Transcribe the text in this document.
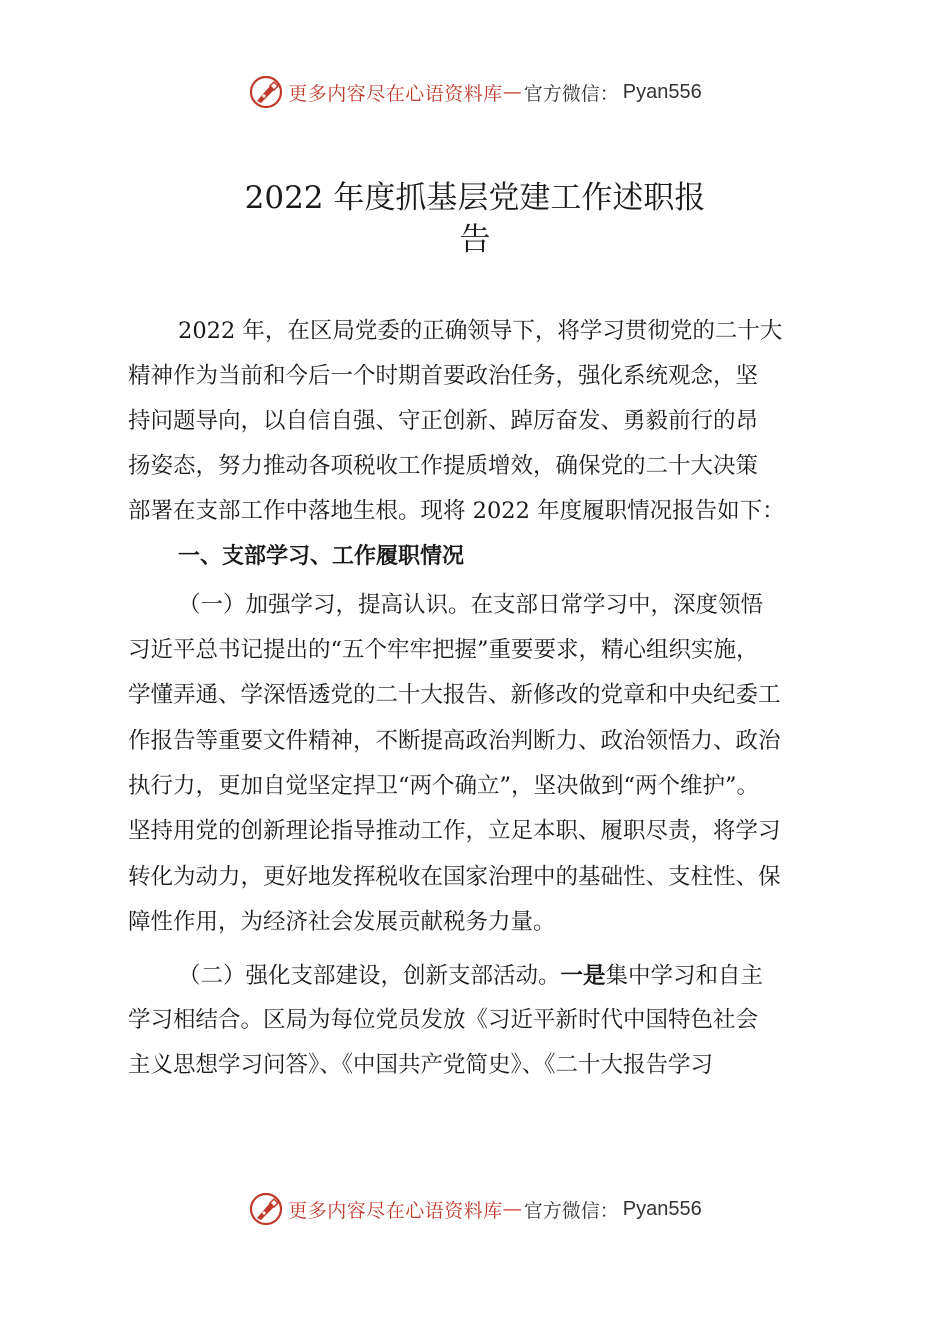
更多内容尽在心语资料库 — 官方微信： Pyan556
2022 年度抓基层党建工作述职报
告
2022 年，在区局党委的正确领导下，将学习贯彻党的二十大
精神作为当前和今后一个时期首要政治任务，强化系统观念，坚
持问题导向，以自信自强、守正创新、踔厉奋发、勇毅前行的昂
扬姿态，努力推动各项税收工作提质增效，确保党的二十大决策
部署在支部工作中落地生根。现将 2022 年度履职情况报告如下：
一、支部学习、工作履职情况
（一）加强学习，提高认识。在支部日常学习中，深度领悟
习近平总书记提出的“五个牢牢把握”重要要求，精心组织实施，
学懂弄通、学深悟透党的二十大报告、新修改的党章和中央纪委工
作报告等重要文件精神，不断提高政治判断力、政治领悟力、政治
执行力，更加自觉坚定捍卫“两个确立”，坚决做到“两个维护”。
坚持用党的创新理论指导推动工作，立足本职、履职尽责，将学习
转化为动力，更好地发挥税收在国家治理中的基础性、支柱性、保
障性作用，为经济社会发展贡献税务力量。
（二）强化支部建设，创新支部活动。一是集中学习和自主
学习相结合。区局为每位党员发放《习近平新时代中国特色社会
主义思想学习问答》、《中国共产党简史》、《二十大报告学习
更多内容尽在心语资料库 — 官方微信： Pyan556
